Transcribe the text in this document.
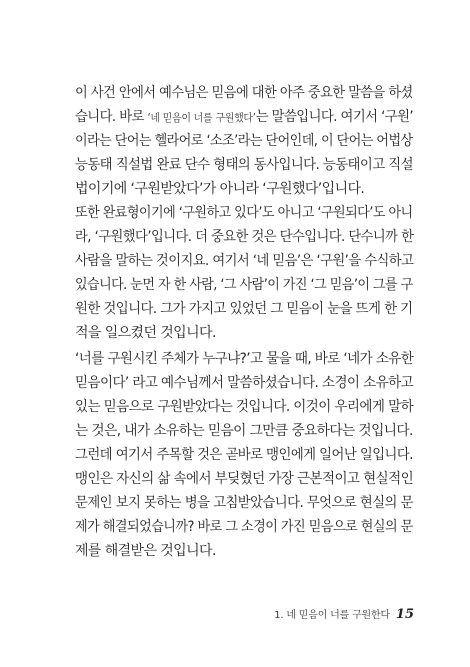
이 사건 안에서 예수님은 믿음에 대한 아주 중요한 말씀을 하셨
습니다. 바로 ‘네 믿음이 너를 구원했다’는 말씀입니다. 여기서 ‘구원’
이라는 단어는 헬라어로 ‘소조’라는 단어인데, 이 단어는 어법상
능동태 직설법 완료 단수 형태의 동사입니다. 능동태이고 직설
법이기에 ‘구원받았다’가 아니라 ‘구원했다’입니다.
또한 완료형이기에 ‘구원하고 있다’도 아니고 ‘구원되다’도 아니
라, ‘구원했다’입니다. 더 중요한 것은 단수입니다. 단수니까 한
사람을 말하는 것이지요. 여기서 ‘네 믿음’은 ‘구원’을 수식하고
있습니다. 눈먼 자 한 사람, ‘그 사람’이 가진 ‘그 믿음’이 그를 구
원한 것입니다. 그가 가지고 있었던 그 믿음이 눈을 뜨게 한 기
적을 일으켰던 것입니다.
‘너를 구원시킨 주체가 누구냐?’고 물을 때, 바로 ‘네가 소유한
믿음이다’ 라고 예수님께서 말씀하셨습니다. 소경이 소유하고
있는 믿음으로 구원받았다는 것입니다. 이것이 우리에게 말하
는 것은, 내가 소유하는 믿음이 그만큼 중요하다는 것입니다.
그런데 여기서 주목할 것은 곧바로 맹인에게 일어난 일입니다.
맹인은 자신의 삶 속에서 부딪혔던 가장 근본적이고 현실적인
문제인 보지 못하는 병을 고침받았습니다. 무엇으로 현실의 문
제가 해결되었습니까? 바로 그 소경이 가진 믿음으로 현실의 문
제를 해결받은 것입니다.
1. 네 믿음이 너를 구원한다 15
